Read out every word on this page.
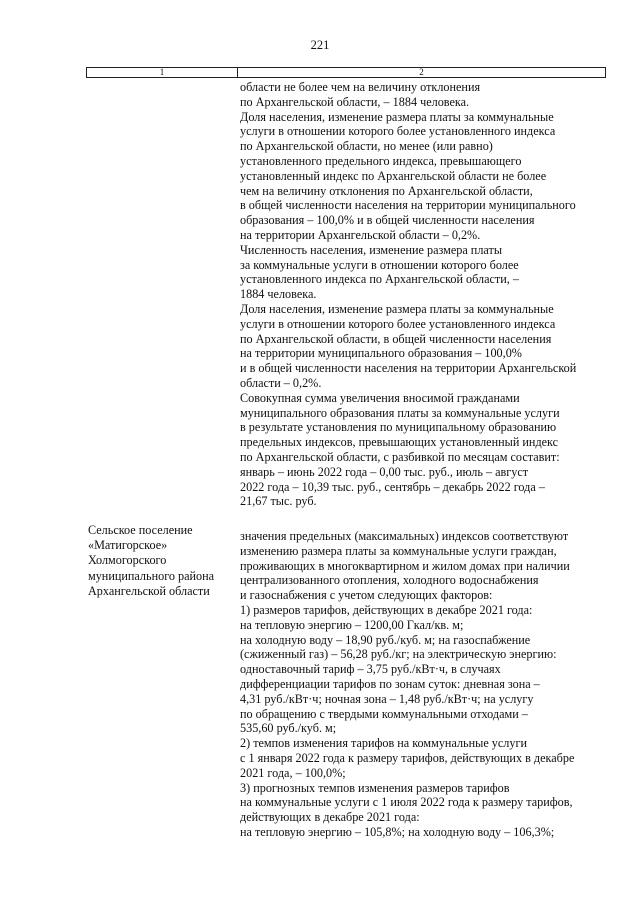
221
1	2
области не более чем на величину отклонения
по Архангельской области, – 1884 человека.
Доля населения, изменение размера платы за коммунальные
услуги в отношении которого более установленного индекса
по Архангельской области, но менее (или равно)
установленного предельного индекса, превышающего
установленный индекс по Архангельской области не более
чем на величину отклонения по Архангельской области,
в общей численности населения на территории муниципального
образования – 100,0% и в общей численности населения
на территории Архангельской области – 0,2%.
Численность населения, изменение размера платы
за коммунальные услуги в отношении которого более
установленного индекса по Архангельской области, –
1884 человека.
Доля населения, изменение размера платы за коммунальные
услуги в отношении которого более установленного индекса
по Архангельской области, в общей численности населения
на территории муниципального образования – 100,0%
и в общей численности населения на территории Архангельской
области – 0,2%.
Совокупная сумма увеличения вносимой гражданами
муниципального образования платы за коммунальные услуги
в результате установления по муниципальному образованию
предельных индексов, превышающих установленный индекс
по Архангельской области, с разбивкой по месяцам составит:
январь – июнь 2022 года – 0,00 тыс. руб., июль – август
2022 года – 10,39 тыс. руб., сентябрь – декабрь 2022 года –
21,67 тыс. руб.
Сельское поселение
«Матигорское»
Холмогорского
муниципального района
Архангельской области
значения предельных (максимальных) индексов соответствуют
изменению размера платы за коммунальные услуги граждан,
проживающих в многоквартирном и жилом домах при наличии
централизованного отопления, холодного водоснабжения
и газоснабжения с учетом следующих факторов:
1) размеров тарифов, действующих в декабре 2021 года:
на тепловую энергию – 1200,00 Гкал/кв. м;
на холодную воду – 18,90 руб./куб. м; на газоспабжение
(сжиженный газ) – 56,28 руб./кг; на электрическую энергию:
одноставочный тариф – 3,75 руб./кВт·ч, в случаях
дифференциации тарифов по зонам суток: дневная зона –
4,31 руб./кВт·ч; ночная зона – 1,48 руб./кВт·ч; на услугу
по обращению с твердыми коммунальными отходами –
535,60 руб./куб. м;
2) темпов изменения тарифов на коммунальные услуги
с 1 января 2022 года к размеру тарифов, действующих в декабре
2021 года, – 100,0%;
3) прогнозных темпов изменения размеров тарифов
на коммунальные услуги с 1 июля 2022 года к размеру тарифов,
действующих в декабре 2021 года:
на тепловую энергию – 105,8%; на холодную воду – 106,3%;
